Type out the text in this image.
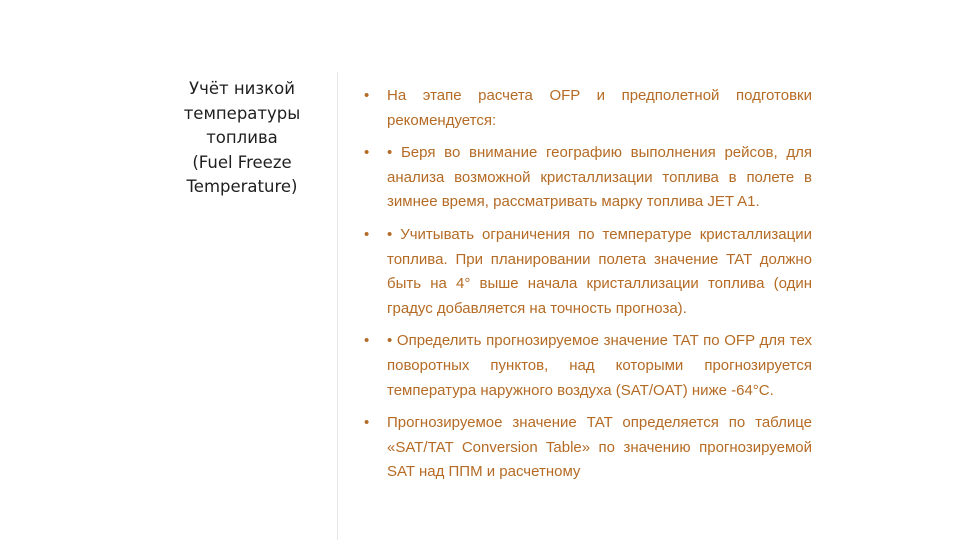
Учёт низкой
температуры
топлива
(Fuel Freeze
Temperature)
• На этапе расчета OFP и предполетной подготовки рекомендуется:
• • Беря во внимание географию выполнения рейсов, для анализа возможной кристаллизации топлива в полете в зимнее время, рассматривать марку топлива JET A1.
• • Учитывать ограничения по температуре кристаллизации топлива. При планировании полета значение TAT должно быть на 4° выше начала кристаллизации топлива (один градус добавляется на точность прогноза).
• • Определить прогнозируемое значение TAT по OFP для тех поворотных пунктов, над которыми прогнозируется температура наружного воздуха (SAT/OAT) ниже -64°C.
• Прогнозируемое значение TAT определяется по таблице «SAT/TAT Conversion Table» по значению прогнозируемой SAT над ППМ и расчетному
